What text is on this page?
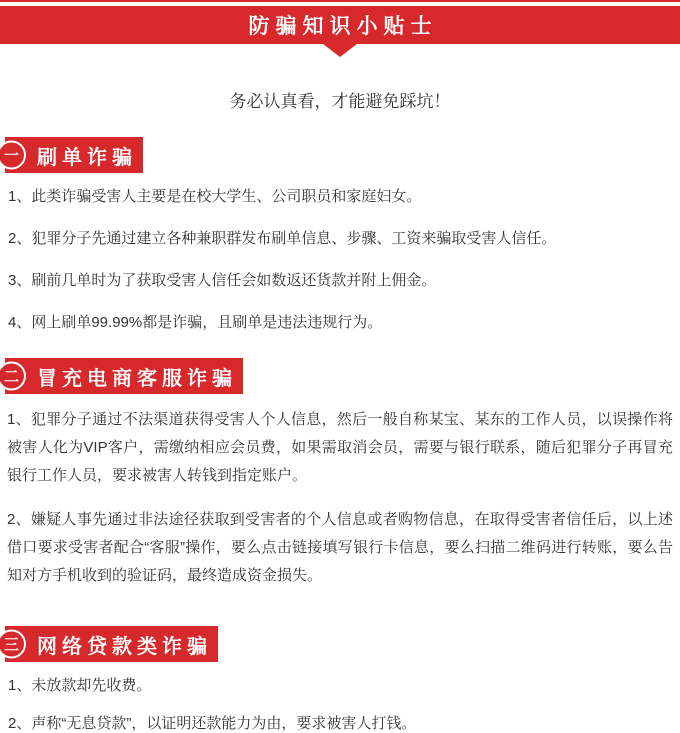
防骗知识小贴士
务必认真看，才能避免踩坑！
一 刷单诈骗
1、此类诈骗受害人主要是在校大学生、公司职员和家庭妇女。
2、犯罪分子先通过建立各种兼职群发布刷单信息、步骤、工资来骗取受害人信任。
3、刷前几单时为了获取受害人信任会如数返还货款并附上佣金。
4、网上刷单99.99%都是诈骗，且刷单是违法违规行为。
二 冒充电商客服诈骗
1、犯罪分子通过不法渠道获得受害人个人信息，然后一般自称某宝、某东的工作人员，以误操作将被害人化为VIP客户，需缴纳相应会员费，如果需取消会员，需要与银行联系，随后犯罪分子再冒充银行工作人员，要求被害人转钱到指定账户。
2、嫌疑人事先通过非法途径获取到受害者的个人信息或者购物信息，在取得受害者信任后，以上述借口要求受害者配合“客服”操作，要么点击链接填写银行卡信息，要么扫描二维码进行转账，要么告知对方手机收到的验证码，最终造成资金损失。
三 网络贷款类诈骗
1、未放款却先收费。
2、声称“无息贷款”，以证明还款能力为由，要求被害人打钱。
